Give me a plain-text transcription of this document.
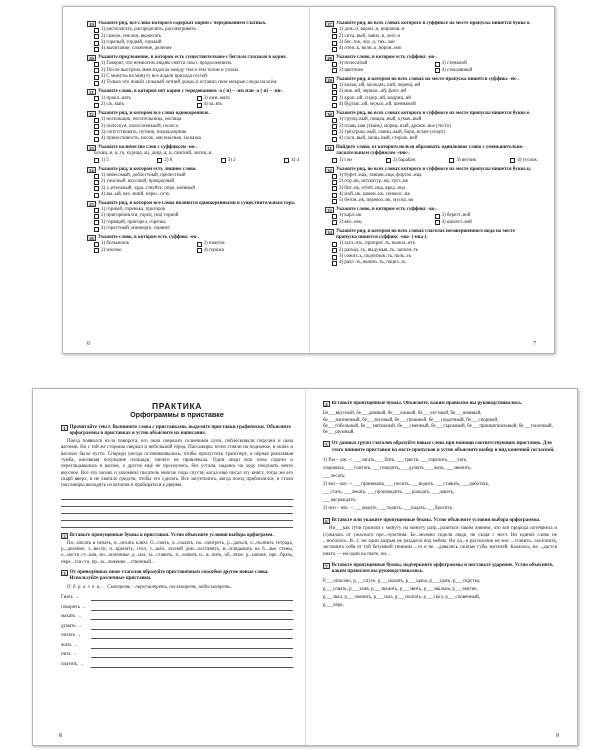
19 Укажите ряд, все слова которого содержат корни с чередованием гласных.
1) располагать, распределять, рассматривать
2) скачок, поклон, выжигать
3) горелый, гордый, горький
4) вычитание, сложение, деление
20 Укажите предложение, в котором есть существительное с беглым гласным в корне.
1) Говорят, что немногим людям снятся сны с продолжением.
2) После выстрела змея издохла между тем и тем телом и уплыл.
3) С минуты на минуту все ждали прихода гостей.
4) Только что пошёл сильный летний дождь и оставил свои мокрые следы на всём.
21 Укажите слово, в котором нет корня с чередованием -а (-я) – -им или -а (-я) – -ин-.
1) прокл..нать	3) ожи..мать
2) сж..мать	4) за..ять
22 Укажите ряд, в котором все слова однокоренные.
1) носильщик, носительница, носища
2) полоскун, полосатенький, полоса
3) сопутствовать, путник, поднадзорник
4) приносчивость, носок, мясоносная, засказка
23 Укажите количество слов с суффиксом -ов-.
Букиц..н, ц..га, курица, ац, дица, я, ц..ганский, лисиц..н.
1) 5	2) 8	3) 2	4) 4
24 Укажите ряд, в котором есть лишнее слово.
1) невесомый, доблестный, прелестный
2) ужасный, вкусный, прекрасный
3) у..ительный, здра..ствуйте, опре..елённый
4) вы..ый, вес..нний, перес..ость
25 Укажите ряд, в котором все слова являются однокоренными и существительным гора.
1) горный, горенька, пригорок
2) пригорюнился, горец, (на) горной
3) горящий, пригорел, горечка
4) горестный, минеорге, горянет
26 Укажите слово, в котором есть суффикс -ов-.
1) бельмонок	3) ижиток
2) молоко	4) горожа
6
27 Укажите ряд, во всех словах которого в суффиксе на месте пропуска пишется буква о.
1) дож..н, ворон..н, широков..н
2) ситц..вый, завих..н, жит..н
3) бег..ток, лис..ч, тик..лан
4) птен..к, волн..к, ворон..нок
28 Укажите слово, в котором есть суффикс -ов-.
1) полосатый	3) стенамой
2) цветочек	4) стеклянный
29 Укажите ряд, в котором во всех словах на месте пропуска пишется суффикс -ек-.
1) кальц..ий, молодец..кий, перекц..ий
2) ник..ий, черныс..ий, флот..ий
3) кроп..ий, сидер..ий, мадриц..ий
4) будтык..ий, мужск..ий, шеннамой
30 Укажите ряд, во всех словах которого в суффиксе на месте пропуска пишется буква е.
1) грунц..вый, пищац..ный, кумач..вый
2) плащ..ная (ткань), моряц..ный, дрожж..вое (тесто)
3) трёхгрош..вый, свинц..вый, борц..вские (спорт)
4) сосн..вый, хвощ..вый, сторож..вой
31 Найдите слово, от которого нельзя образовать одинаковое слово с уменьшительно-ласкательным суффиксом -чик-.
1) сон	2) барабан	3) ветчик	4) уголок
32 Укажите ряд, во всех словах которого в суффиксе на месте пропуска пишется буква ц.
1) буфет..ица, танцов..ица, форточ..ица
2) отр..як, штукатур..ик, груз..ик
3) бит..ик, отчёт..ица, вред..ица
4) мой..ик, камен..ик, сенокос..ик
5) бетон..ик, перевоз..ик, мусор..ик
33 Укажите слово, в котором есть суффикс -ак-.
1) карл..ик	3) берест..вой
2) вёл..нец	4) шелест..вой
34 Укажите ряд, в котором во всех словах глаголах несовершенного вида на месте пропуска пишется суффикс -ева- (-ива-).
1) загл..ить, приприт..ть, выпол..ить
2) разъед..ть, выдумыв..ть, заполн..ть
3) сожит..ь, подчитыв..ть, поль..ть
4) разл..ть, вычип..ть, поцел..ть
7
ПРАКТИКА
Орфограммы в приставке
1 Прочитайте текст. Выпишите слова с приставками, выделите приставки графически. Объясните орфограммы в приставках и устно объясните их написание.
Поезд появился из-за поворота, его окна сверкали солнечным лучи, поблёскивали поручни и окна вагонов. Но с той же стороны сверкал и небольшой город. Пассажиры тесно стояли на подножке, в окнах и вагонах было пусто. Спереди поезда останавливались, чтобы пропустить транспорт, а чёрная рекламная тумба, висевшая посредине площади, ничего не привлекала. Одни люди всю ночь сидели и переглядывались в вагоне, а другие ещё не проснулись, без устали, надеясь на ходу покушать нечто вкусное. Все это заснял и запомнил писатель многие годы спустя, когда ещё писал эту книгу, тогда же его скарб вверх, и не хватало средств, чтобы это сделать. Все засуетились, когда поезд приблизился, и стали пассажиры выходить из вагонов и пробираться к дверям.
2 Вставьте пропущенные буквы в приставки. Устно объясните условия выбора орфограмм.
По...писать в печать, н...искать ключ. О...снять, о...сылать, по...смотреть, р...даться, о...полнить тетрадь, р...деление, з...вести, п...крепить, стол, с...шёл, лесной дом...поставить, в...зглядывать на б...лые стены, о...нести ст...кан, но...пиленные д...ски, за...ставить, п...ломить и...ж..пить, об...ятие, р...шение, пре...брать, пере...тся сто, пр...м...ложение ...ственный...
3 От приведённых ниже глаголов образуйте приставочным способом другие новые слова. Используйте различные приставки.
О б р а з е ц. Смотреть – пересмотреть, посмотреть, недосмотреть.
Гнать →
говорить →
махать →
думать →
читать →
жить →
пить →
платить →
8
4 Вставьте пропущенные буквы. Объясните, каким правилом вы руководствовались.
Бе___вкусный, бе___домный, бе___лазный, бе___честный, бе___шовный,
бе___жизненный, бе___звучный, бе___грешный, бе___сердечный, бе___спорный,
бе___гибельный, бе___мятежный, бе___сменный, бе___скромный, бе___принципиальный, бе___полезный, бе___шумный.
5 От данных групп глаголов образуйте новые слова при помощи соответствующих приставок. Для этого впишите приставки на месте пропусков и устно объясните выбор и вид конечной согласной.
1) Раз – рас –: ___лагать, ___бить, ___трясти, ___горячить, ___тать,
очаровать, ___считать, ___говорить, ___думать, ___жать, ___звонить,
___чесать;
2) воз – вос –: ___принимать, ___носить, ___водить, ___ставить, ___работать,
___стать, ___лекать, ___производить, ___рождать, ___давать,
___награждать;
3) низ – нис –: ___водить, ___ходить, ___падать, ___бросить.
6 Вставьте или укажите пропущенные буквы. Устно объясните условия выбора орфограммы.
Ни___как тучи грозили с минуту на минуту разр...разиться таким ливнем, что вся природа потемнела и (с)жалась от ужасного пре...чувствия. Бе...молвно сидели люди, не сходя с мест. Ни единое слово не ...носилось. В...т, ни один разрыв не раздался под небом. Ни од...н рассказчик не мог ...ставить...заслонить, заслонить себя от той безумной тишины ...то и не ...давались сжатые губы жителей. Казалось, не ...дастся никто — ни один на свете, ни...
7 Вставьте пропущенные буквы, подчеркните орфограммы и поставьте ударение. Устно объясните, каким правилом вы руководствовались.
Р___описано, р___спуск, р___сказать, р___здача, р___здать, р___скрутка,
р___совать, р___злив, р___звалить, р___звить, р___звальна, р___звитие,
р___звал, р___звонить, р___сказ, р___скопать, р___скол, р___сповенный,
р___чёрк.
9
